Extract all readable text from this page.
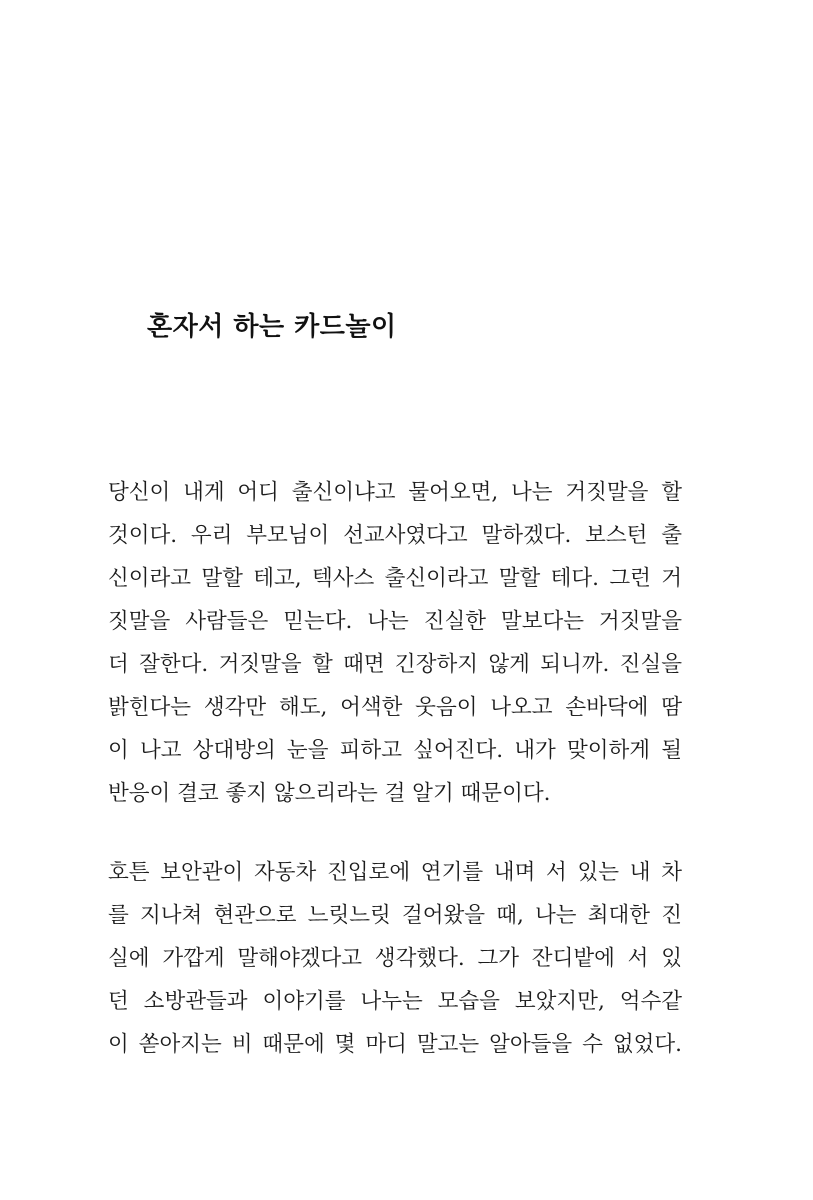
혼자서 하는 카드놀이

당신이 내게 어디 출신이냐고 물어오면, 나는 거짓말을 할
것이다. 우리 부모님이 선교사였다고 말하겠다. 보스턴 출
신이라고 말할 테고, 텍사스 출신이라고 말할 테다. 그런 거
짓말을 사람들은 믿는다. 나는 진실한 말보다는 거짓말을
더 잘한다. 거짓말을 할 때면 긴장하지 않게 되니까. 진실을
밝힌다는 생각만 해도, 어색한 웃음이 나오고 손바닥에 땀
이 나고 상대방의 눈을 피하고 싶어진다. 내가 맞이하게 될
반응이 결코 좋지 않으리라는 걸 알기 때문이다.

호튼 보안관이 자동차 진입로에 연기를 내며 서 있는 내 차
를 지나쳐 현관으로 느릿느릿 걸어왔을 때, 나는 최대한 진
실에 가깝게 말해야겠다고 생각했다. 그가 잔디밭에 서 있
던 소방관들과 이야기를 나누는 모습을 보았지만, 억수같
이 쏟아지는 비 때문에 몇 마디 말고는 알아들을 수 없었다.
